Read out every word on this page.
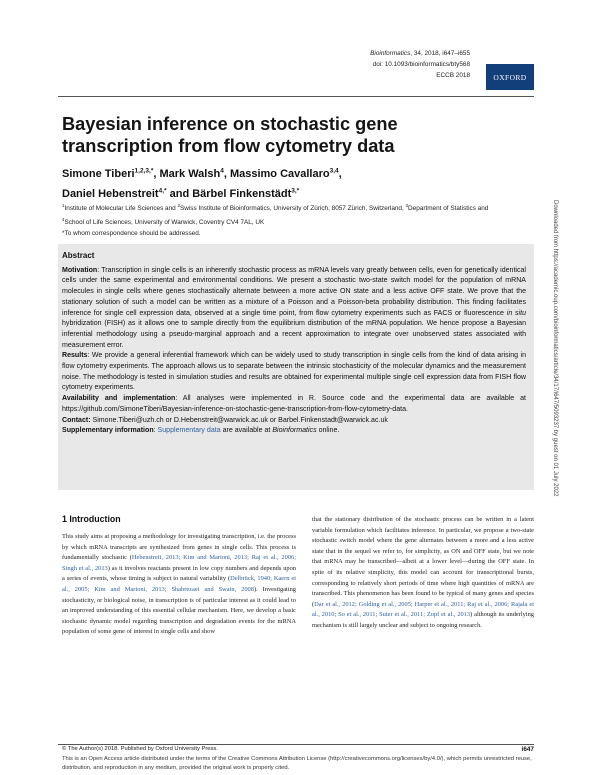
Bioinformatics, 34, 2018, i647–i655
doi: 10.1093/bioinformatics/bty568
ECCB 2018	OXFORD
Bayesian inference on stochastic gene transcription from flow cytometry data
Simone Tiberi$^{1,2,3,*}$, Mark Walsh$^4$, Massimo Cavallaro$^{3,4}$,
Daniel Hebenstreit$^{4,*}$ and Bärbel Finkenstädt$^{3,*}$
$^1$Institute of Molecular Life Sciences and $^2$Swiss Institute of Bioinformatics, University of Zürich, 8057 Zürich, Switzerland, $^3$Department of Statistics and $^4$School of Life Sciences, University of Warwick, Coventry CV4 7AL, UK
*To whom correspondence should be addressed.
Abstract

Motivation: Transcription in single cells is an inherently stochastic process as mRNA levels vary greatly between cells, even for genetically identical cells under the same experimental and environmental conditions. We present a stochastic two-state switch model for the population of mRNA molecules in single cells where genes stochastically alternate between a more active ON state and a less active OFF state. We prove that the stationary solution of such a model can be written as a mixture of a Poisson and a Poisson-beta probability distribution. This finding facilitates inference for single cell expression data, observed at a single time point, from flow cytometry experiments such as FACS or fluorescence in situ hybridization (FISH) as it allows one to sample directly from the equilibrium distribution of the mRNA population. We hence propose a Bayesian inferential methodology using a pseudo-marginal approach and a recent approximation to integrate over unobserved states associated with measurement error.

Results: We provide a general inferential framework which can be widely used to study transcription in single cells from the kind of data arising in flow cytometry experiments. The approach allows us to separate between the intrinsic stochasticity of the molecular dynamics and the measurement noise. The methodology is tested in simulation studies and results are obtained for experimental multiple single cell expression data from FISH flow cytometry experiments.

Availability and implementation: All analyses were implemented in R. Source code and the experimental data are available at https://github.com/SimoneTiberi/Bayesian-inference-on-stochastic-gene-transcription-from-flow-cytometry-data.

Contact: Simone.Tiberi@uzh.ch or D.Hebenstreit@warwick.ac.uk or Barbel.Finkenstadt@warwick.ac.uk

Supplementary information: Supplementary data are available at Bioinformatics online.	Downloaded from https://academic.oup.com/bioinformatics/article/34/17/i647/5093237 by guest on 01 July 2022
1 Introduction
This study aims at proposing a methodology for investigating transcription, i.e. the process by which mRNA transcripts are synthesized from genes in single cells. This process is fundamentally stochastic (Hebenstreit, 2013; Kim and Marioni, 2013; Raj et al., 2006; Singh et al., 2013) as it involves reactants present in low copy numbers and depends upon a series of events, whose timing is subject to natural variability (Delbrück, 1940; Kaern et al., 2005; Kim and Marioni, 2013; Shahrezaei and Swain, 2008). Investigating stochasticity, or biological noise, in transcription is of particular interest as it could lead to an improved understanding of this essential cellular mechanism. Here, we develop a basic stochastic dynamic model regarding transcription and degradation events for the mRNA population of some gene of interest in single cells and show
that the stationary distribution of the stochastic process can be written in a latent variable formulation which facilitates inference. In particular, we propose a two-state stochastic switch model where the gene alternates between a more and a less active state that in the sequel we refer to, for simplicity, as ON and OFF state, but we note that mRNA may be transcribed—albeit at a lower level—during the OFF state. In spite of its relative simplicity, this model can account for transcriptional bursts, corresponding to relatively short periods of time where high quantities of mRNA are transcribed. This phenomenon has been found to be typical of many genes and species (Dar et al., 2012; Golding et al., 2005; Harper et al., 2011; Raj et al., 2006; Rajala et al., 2010; So et al., 2011; Suter et al., 2011; Zopf et al., 2013) although its underlying mechanism is still largely unclear and subject to ongoing research.
© The Author(s) 2018. Published by Oxford University Press.	i647
This is an Open Access article distributed under the terms of the Creative Commons Attribution License (http://creativecommons.org/licenses/by/4.0/), which permits unrestricted reuse, distribution, and reproduction in any medium, provided the original work is properly cited.
